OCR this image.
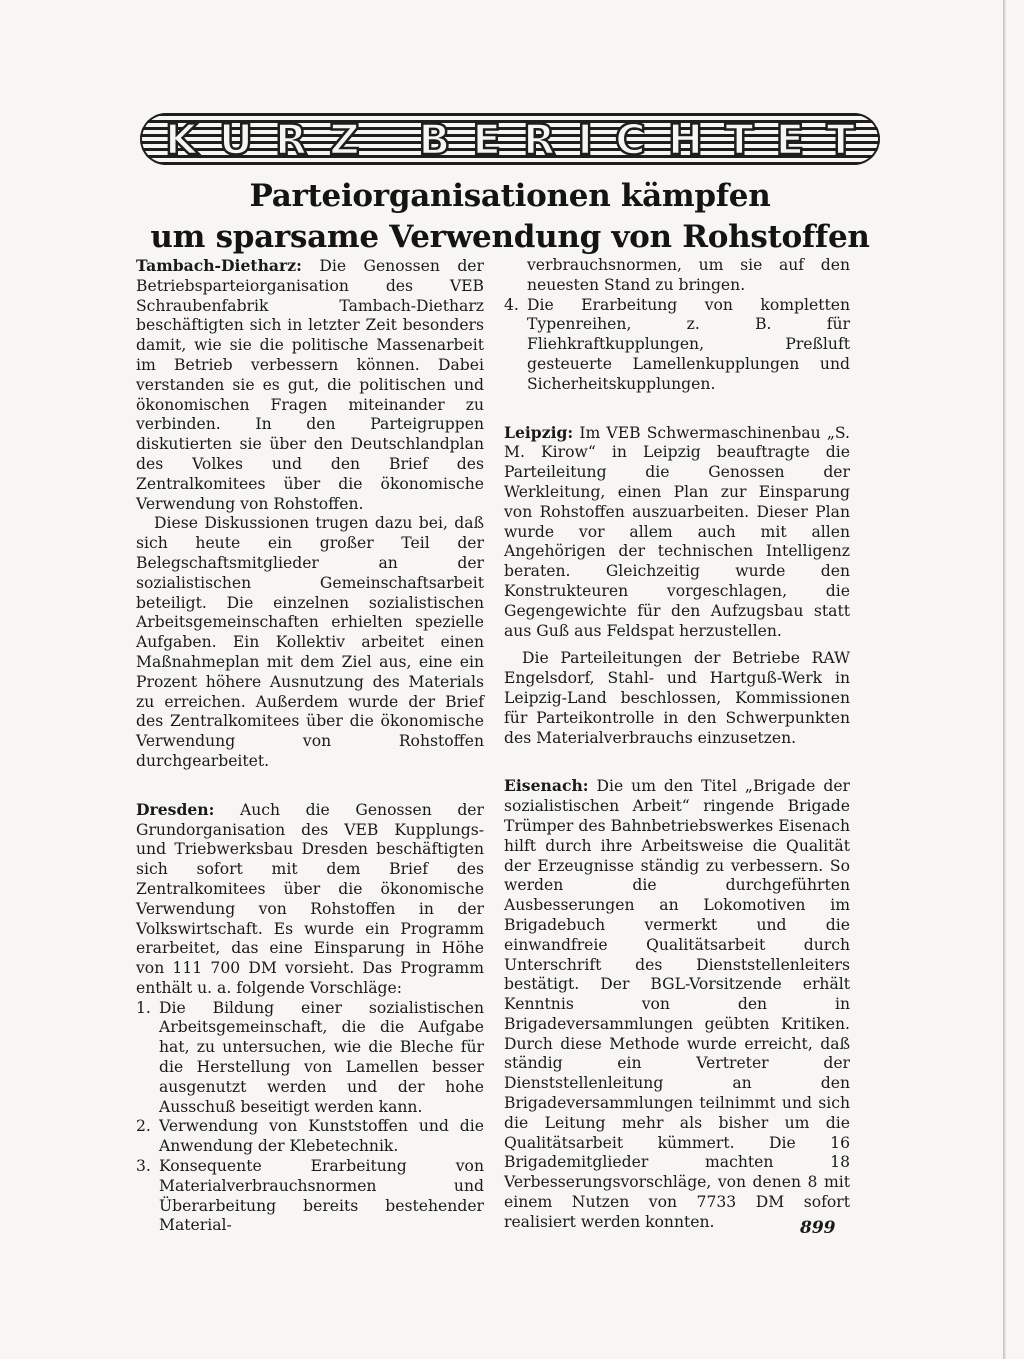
KURZ BERICHTET
Parteiorganisationen kämpfen
um sparsame Verwendung von Rohstoffen

Tambach-Dietharz: Die Genossen der Betriebsparteiorganisation des VEB Schraubenfabrik Tambach-Dietharz beschäftigten sich in letzter Zeit besonders damit, wie sie die politische Massenarbeit im Betrieb verbessern können. Dabei verstanden sie es gut, die politischen und ökonomischen Fragen miteinander zu verbinden. In den Parteigruppen diskutierten sie über den Deutschlandplan des Volkes und den Brief des Zentralkomitees über die ökonomische Verwendung von Rohstoffen.

Diese Diskussionen trugen dazu bei, daß sich heute ein großer Teil der Belegschaftsmitglieder an der sozialistischen Gemeinschaftsarbeit beteiligt. Die einzelnen sozialistischen Arbeitsgemeinschaften erhielten spezielle Aufgaben. Ein Kollektiv arbeitet einen Maßnahmeplan mit dem Ziel aus, eine ein Prozent höhere Ausnutzung des Materials zu erreichen. Außerdem wurde der Brief des Zentralkomitees über die ökonomische Verwendung von Rohstoffen durchgearbeitet.

Dresden: Auch die Genossen der Grundorganisation des VEB Kupplungs- und Triebwerksbau Dresden beschäftigten sich sofort mit dem Brief des Zentralkomitees über die ökonomische Verwendung von Rohstoffen in der Volkswirtschaft. Es wurde ein Programm erarbeitet, das eine Einsparung in Höhe von 111 700 DM vorsieht. Das Programm enthält u. a. folgende Vorschläge:

1. Die Bildung einer sozialistischen Arbeitsgemeinschaft, die die Aufgabe hat, zu untersuchen, wie die Bleche für die Herstellung von Lamellen besser ausgenutzt werden und der hohe Ausschuß beseitigt werden kann.
2. Verwendung von Kunststoffen und die Anwendung der Klebetechnik.
3. Konsequente Erarbeitung von Materialverbrauchsnormen und Überarbeitung bereits bestehender Material-

verbrauchsnormen, um sie auf den neuesten Stand zu bringen.

4. Die Erarbeitung von kompletten Typenreihen, z. B. für Fliehkraftkupplungen, Preßluft gesteuerte Lamellenkupplungen und Sicherheitskupplungen.

Leipzig: Im VEB Schwermaschinenbau „S. M. Kirow“ in Leipzig beauftragte die Parteileitung die Genossen der Werkleitung, einen Plan zur Einsparung von Rohstoffen auszuarbeiten. Dieser Plan wurde vor allem auch mit allen Angehörigen der technischen Intelligenz beraten. Gleichzeitig wurde den Konstrukteuren vorgeschlagen, die Gegengewichte für den Aufzugsbau statt aus Guß aus Feldspat herzustellen.

Die Parteileitungen der Betriebe RAW Engelsdorf, Stahl- und Hartguß-Werk in Leipzig-Land beschlossen, Kommissionen für Parteikontrolle in den Schwerpunkten des Materialverbrauchs einzusetzen.

Eisenach: Die um den Titel „Brigade der sozialistischen Arbeit“ ringende Brigade Trümper des Bahnbetriebswerkes Eisenach hilft durch ihre Arbeitsweise die Qualität der Erzeugnisse ständig zu verbessern. So werden die durchgeführten Ausbesserungen an Lokomotiven im Brigadebuch vermerkt und die einwandfreie Qualitätsarbeit durch Unterschrift des Dienststellenleiters bestätigt. Der BGL-Vorsitzende erhält Kenntnis von den in Brigadeversammlungen geübten Kritiken. Durch diese Methode wurde erreicht, daß ständig ein Vertreter der Dienststellenleitung an den Brigadeversammlungen teilnimmt und sich die Leitung mehr als bisher um die Qualitätsarbeit kümmert. Die 16 Brigademitglieder machten 18 Verbesserungsvorschläge, von denen 8 mit einem Nutzen von 7733 DM sofort realisiert werden konnten.	899
